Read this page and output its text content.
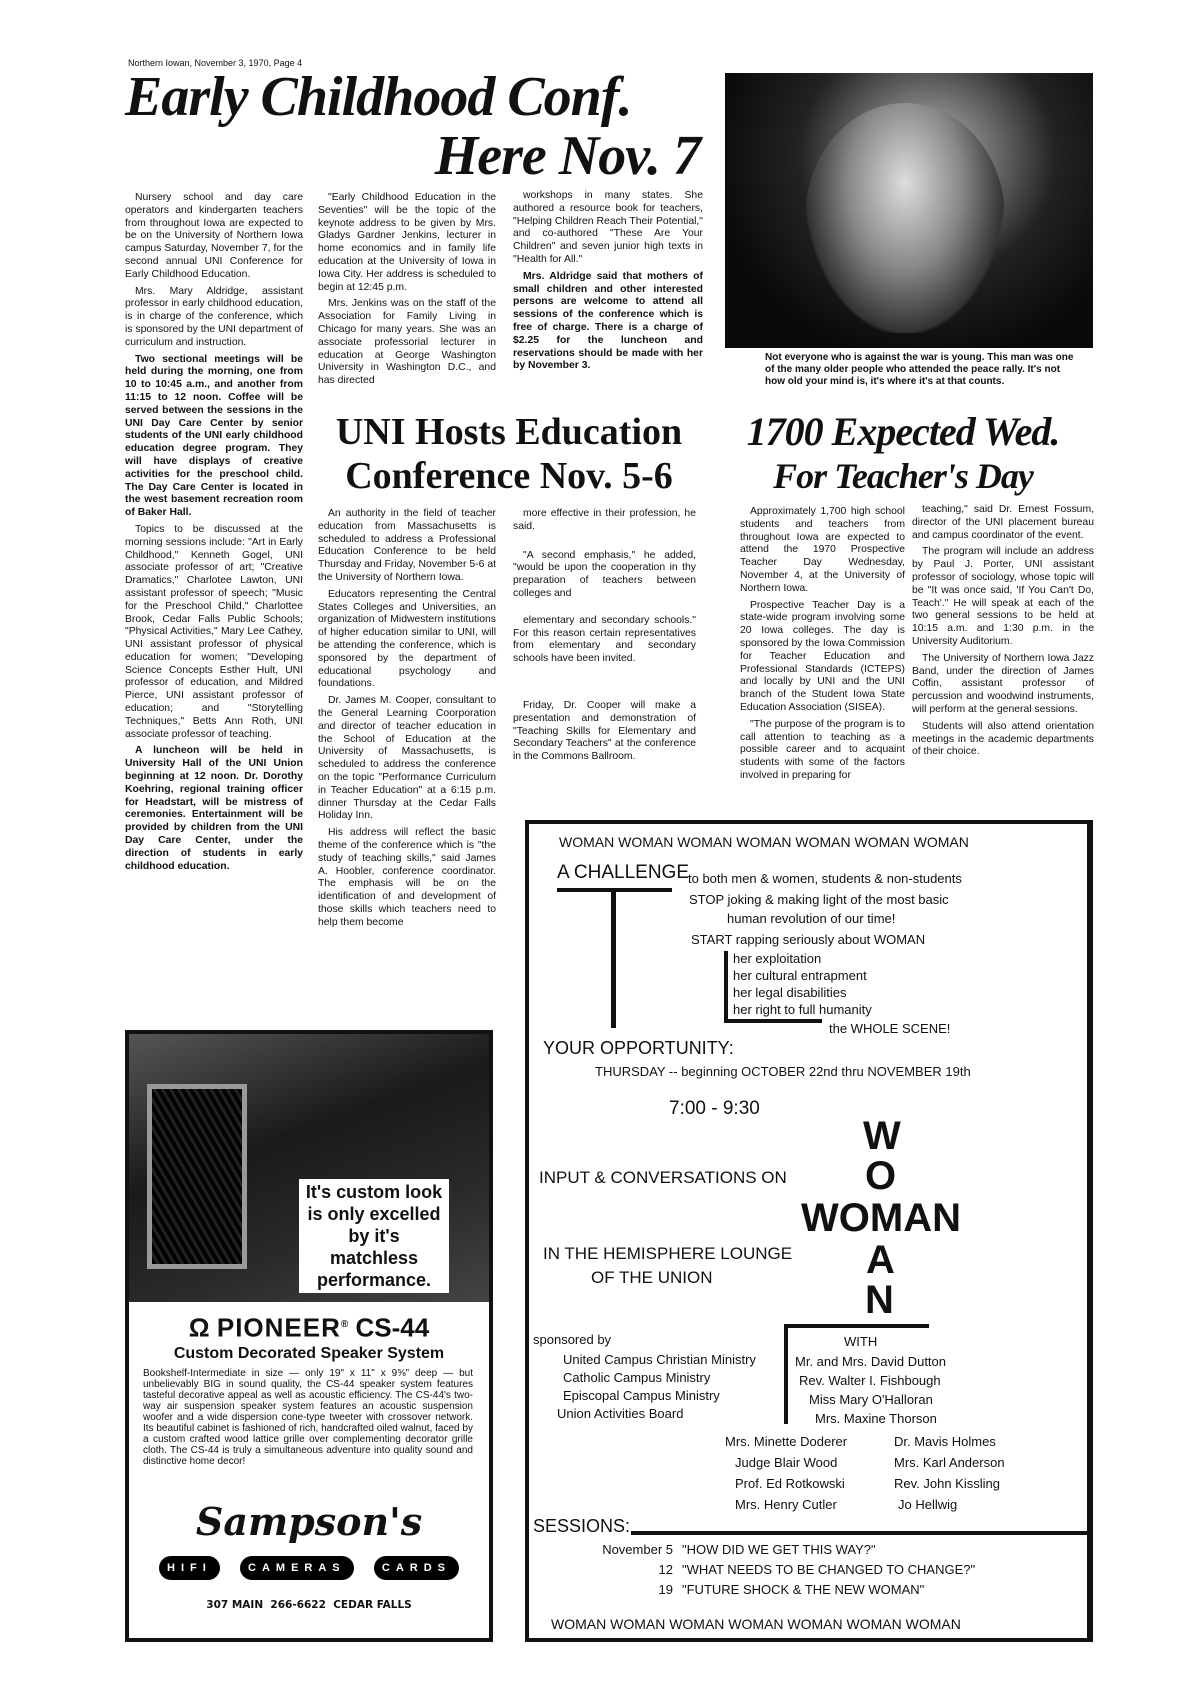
Northern Iowan, November 3, 1970, Page 4
Early Childhood Conf.
Here Nov. 7

Nursery school and day care operators and kindergarten teachers from throughout Iowa are expected to be on the University of Northern Iowa campus Saturday, November 7, for the second annual UNI Conference for Early Childhood Education.

Mrs. Mary Aldridge, assistant professor in early childhood education, is in charge of the conference, which is sponsored by the UNI department of curriculum and instruction.

Two sectional meetings will be held during the morning, one from 10 to 10:45 a.m., and another from 11:15 to 12 noon. Coffee will be served between the sessions in the UNI Day Care Center by senior students of the UNI early childhood education degree program. They will have displays of creative activities for the preschool child. The Day Care Center is located in the west basement recreation room of Baker Hall.

Topics to be discussed at the morning sessions include: "Art in Early Childhood," Kenneth Gogel, UNI associate professor of art; "Creative Dramatics," Charlotee Lawton, UNI assistant professor of speech; "Music for the Preschool Child," Charlottee Brook, Cedar Falls Public Schools; "Physical Activities," Mary Lee Cathey, UNI assistant professor of physical education for women; "Developing Science Concepts Esther Hult, UNI professor of education, and Mildred Pierce, UNI assistant professor of education; and "Storytelling Techniques," Betts Ann Roth, UNI associate professor of teaching.

A luncheon will be held in University Hall of the UNI Union beginning at 12 noon. Dr. Dorothy Koehring, regional training officer for Headstart, will be mistress of ceremonies. Entertainment will be provided by children from the UNI Day Care Center, under the direction of students in early childhood education.

"Early Childhood Education in the Seventies" will be the topic of the keynote address to be given by Mrs. Gladys Gardner Jenkins, lecturer in home economics and in family life education at the University of Iowa in Iowa City. Her address is scheduled to begin at 12:45 p.m.

Mrs. Jenkins was on the staff of the Association for Family Living in Chicago for many years. She was an associate professorial lecturer in education at George Washington University in Washington D.C., and has directed

workshops in many states. She authored a resource book for teachers, "Helping Children Reach Their Potential," and co-authored "These Are Your Children" and seven junior high texts in "Health for All."

Mrs. Aldridge said that mothers of small children and other interested persons are welcome to attend all sessions of the conference which is free of charge. There is a charge of $2.25 for the luncheon and reservations should be made with her by November 3.

Not everyone who is against the war is young. This man was one of the many older people who attended the peace rally. It's not how old your mind is, it's where it's at that counts.
UNI Hosts Education
Conference Nov. 5-6

An authority in the field of teacher education from Massachusetts is scheduled to address a Professional Education Conference to be held Thursday and Friday, November 5-6 at the University of Northern Iowa.

Educators representing the Central States Colleges and Universities, an organization of Midwestern institutions of higher education similar to UNI, will be attending the conference, which is sponsored by the department of educational psychology and foundations.

Dr. James M. Cooper, consultant to the General Learning Coorporation and director of teacher education in the School of Education at the University of Massachusetts, is scheduled to address the conference on the topic "Performance Curriculum in Teacher Education" at a 6:15 p.m. dinner Thursday at the Cedar Falls Holiday Inn.

His address will reflect the basic theme of the conference which is "the study of teaching skills," said James A. Hoobler, conference coordinator. The emphasis will be on the identification of and development of those skills which teachers need to help them become

more effective in their profession, he said.

"A second emphasis," he added, "would be upon the cooperation in thy preparation of teachers between colleges and

elementary and secondary schools." For this reason certain representatives from elementary and secondary schools have been invited.

Friday, Dr. Cooper will make a presentation and demonstration of "Teaching Skills for Elementary and Secondary Teachers" at the conference in the Commons Ballroom.

1700 Expected Wed.
For Teacher's Day

Approximately 1,700 high school students and teachers from throughout Iowa are expected to attend the 1970 Prospective Teacher Day Wednesday, November 4, at the University of Northern Iowa.

Prospective Teacher Day is a state-wide program involving some 20 Iowa colleges. The day is sponsored by the Iowa Commission for Teacher Education and Professional Standards (ICTEPS) and locally by UNI and the UNI branch of the Student Iowa State Education Association (SISEA).

"The purpose of the program is to call attention to teaching as a possible career and to acquaint students with some of the factors involved in preparing for

teaching," said Dr. Ernest Fossum, director of the UNI placement bureau and campus coordinator of the event.

The program will include an address by Paul J. Porter, UNI assistant professor of sociology, whose topic will be "It was once said, 'If You Can't Do, Teach'." He will speak at each of the two general sessions to be held at 10:15 a.m. and 1:30 p.m. in the University Auditorium.

The University of Northern Iowa Jazz Band, under the direction of James Coffin, assistant professor of percussion and woodwind instruments, will perform at the general sessions.

Students will also attend orientation meetings in the academic departments of their choice.

It's custom look is only excelled by it's matchless performance.
Ω PIONEER® CS-44
Custom Decorated Speaker System
Bookshelf-Intermediate in size — only 19" x 11" x 9⅝" deep — but unbelievably BIG in sound quality, the CS-44 speaker system features tasteful decorative appeal as well as acoustic efficiency. The CS-44's two-way air suspension speaker system features an acoustic suspension woofer and a wide dispersion cone-type tweeter with crossover network. Its beautiful cabinet is fashioned of rich, handcrafted oiled walnut, faced by a custom crafted wood lattice grille over complementing decorator grille cloth. The CS-44 is truly a simultaneous adventure into quality sound and distinctive home decor!
Sampson's
HIFI	CAMERAS	CARDS
307 MAIN  266-6622  CEDAR FALLS
WOMAN WOMAN WOMAN WOMAN WOMAN WOMAN WOMAN
A CHALLENGE to both men & women, students & non-students
STOP joking & making light of the most basic
human revolution of our time!
START rapping seriously about WOMAN
her exploitation
her cultural entrapment
her legal disabilities
her right to full humanity
the WHOLE SCENE!
YOUR OPPORTUNITY:
THURSDAY -- beginning OCTOBER 22nd thru NOVEMBER 19th
7:00 - 9:30
INPUT & CONVERSATIONS ON
IN THE HEMISPHERE LOUNGE
OF THE UNION
W
O
WOMAN
A
N
sponsored by
United Campus Christian Ministry
Catholic Campus Ministry
Episcopal Campus Ministry
Union Activities Board
WITH
Mr. and Mrs. David Dutton
Rev. Walter I. Fishbough
Miss Mary O'Halloran
Mrs. Maxine Thorson
Mrs. Minette Doderer
Judge Blair Wood
Prof. Ed Rotkowski
Mrs. Henry Cutler
Dr. Mavis Holmes
Mrs. Karl Anderson
Rev. John Kissling
Jo Hellwig
SESSIONS:
November 5 "HOW DID WE GET THIS WAY?"
12 "WHAT NEEDS TO BE CHANGED TO CHANGE?"
19 "FUTURE SHOCK & THE NEW WOMAN"
WOMAN WOMAN WOMAN WOMAN WOMAN WOMAN WOMAN
